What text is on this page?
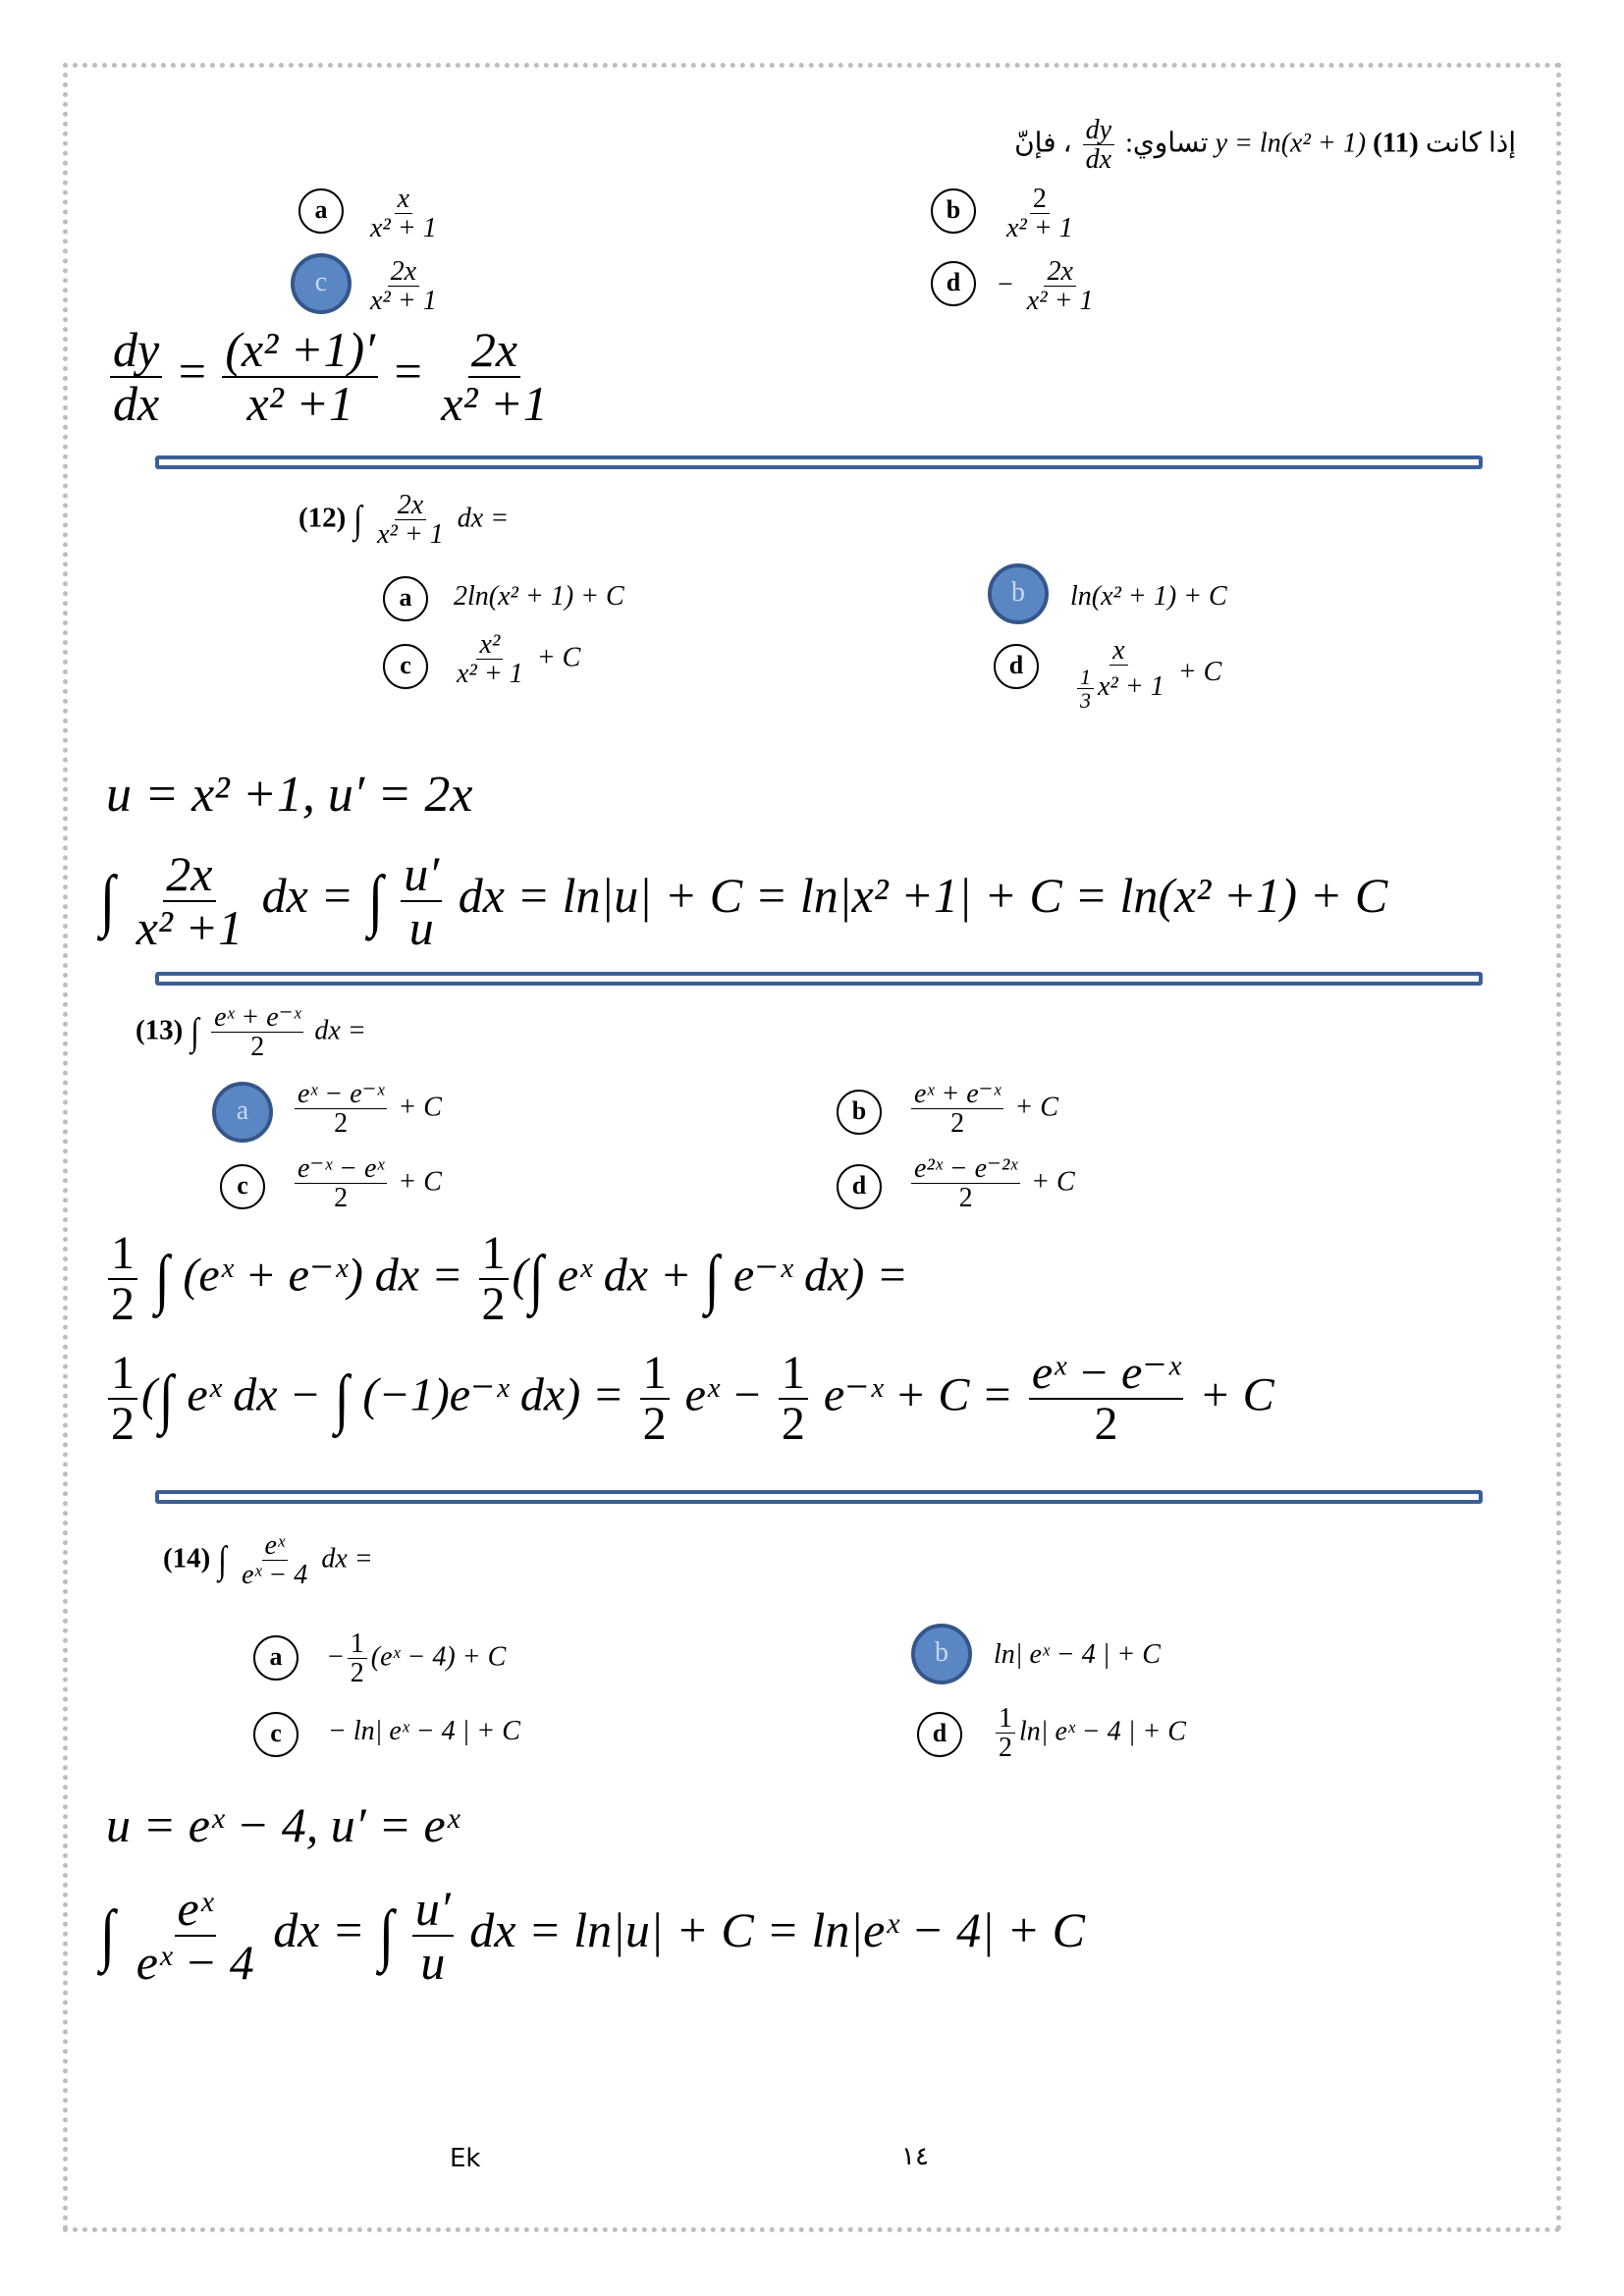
تساوي:
$\frac{dy}{dx}$
، فإنّ	y = ln(x² + 1) إذا كانت (11)
a	$\frac{x}{\text{x² + 1}}$	b	$\frac{2}{\text{x² + 1}}$
c	$\frac{2x}{\text{x² + 1}}$	d	− $\frac{2x}{\text{x² + 1}}$
$\frac{dy}{dx} = \frac{\text{(x² +1)′}}{\text{x² +1}} = \frac{2x}{\text{x² +1}}$
(12) ∫ $\frac{2x}{\text{x² + 1}}$ dx =
a	2ln(x² + 1) + C	b	ln(x² + 1) + C
c	$\frac{\text{x²}}{\text{x² + 1}} + C$	d	$\frac{x}{\frac{1}{3} x^2 + 1} + C$
u = x² +1, u′ = 2x
∫ $\frac{2x}{\text{x² +1}}$ dx = ∫ $\frac{u'}{u}$ dx = ln|u| + C = ln|x² +1| + C = ln(x² +1) + C
(13) ∫ $\frac{\text{eˣ + e⁻ˣ}}{2}$ dx =
a	$\frac{\text{eˣ − e⁻ˣ}}{2} + C$	b	$\frac{\text{eˣ + e⁻ˣ}}{2} + C$
c	$\frac{\text{e⁻ˣ − eˣ}}{2} + C$	d	$\frac{\text{e²ˣ − e⁻²ˣ}}{2} + C$
$\frac{1}{2}$ ∫ (eˣ + e⁻ˣ) dx = $\frac{1}{2}$ (∫ eˣ dx + ∫ e⁻ˣ dx) =
$\frac{1}{2}$ (∫ eˣ dx − ∫ (−1)e⁻ˣ $dx) = \frac{1}{2}$ eˣ − $\frac{1}{2}$ e⁻ˣ + $C = \frac{\text{eˣ − e⁻ˣ}}{2} + C$
(14) ∫ $\frac{\text{eˣ}}{\text{eˣ − 4}}$ dx =
a	− $\frac{1}{2}$ (eˣ − 4) + C	b	ln| eˣ − 4 | + C
c	− ln| eˣ − 4 | + C	d	$\frac{1}{2} \ln|$ eˣ − 4 | + C
u = eˣ − 4, u′ = eˣ
∫ $\frac{\text{eˣ}}{\text{eˣ − 4}}$ dx = ∫ $\frac{u'}{u}$ dx = ln|u| + C = ln|eˣ − 4| + C
Ek	١٤
